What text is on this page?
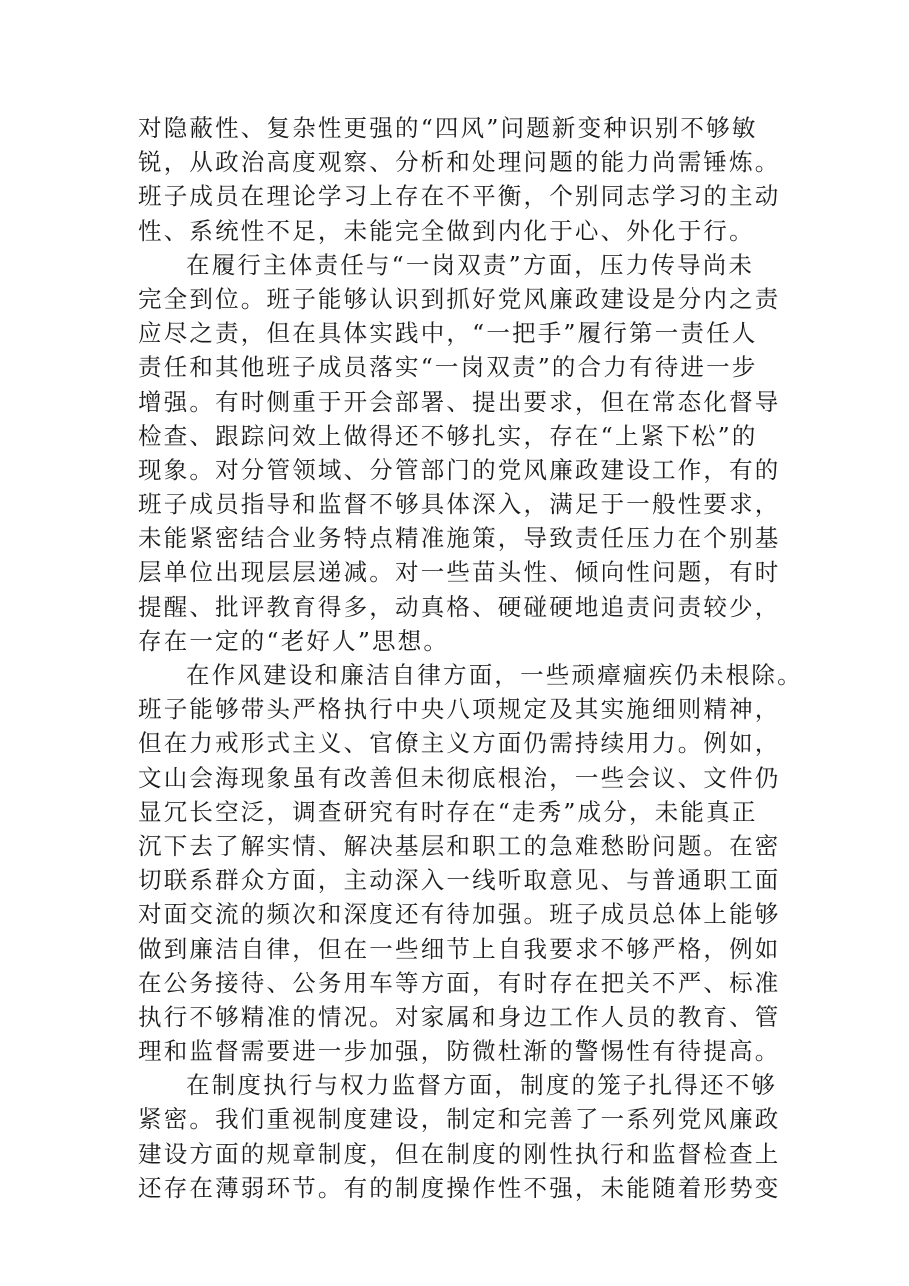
对隐蔽性、复杂性更强的“四风”问题新变种识别不够敏
锐，从政治高度观察、分析和处理问题的能力尚需锤炼。
班子成员在理论学习上存在不平衡，个别同志学习的主动
性、系统性不足，未能完全做到内化于心、外化于行。
在履行主体责任与“一岗双责”方面，压力传导尚未
完全到位。班子能够认识到抓好党风廉政建设是分内之责
应尽之责，但在具体实践中，“一把手”履行第一责任人
责任和其他班子成员落实“一岗双责”的合力有待进一步
增强。有时侧重于开会部署、提出要求，但在常态化督导
检查、跟踪问效上做得还不够扎实，存在“上紧下松”的
现象。对分管领域、分管部门的党风廉政建设工作，有的
班子成员指导和监督不够具体深入，满足于一般性要求，
未能紧密结合业务特点精准施策，导致责任压力在个别基
层单位出现层层递减。对一些苗头性、倾向性问题，有时
提醒、批评教育得多，动真格、硬碰硬地追责问责较少，
存在一定的“老好人”思想。
在作风建设和廉洁自律方面，一些顽瘴痼疾仍未根除。
班子能够带头严格执行中央八项规定及其实施细则精神，
但在力戒形式主义、官僚主义方面仍需持续用力。例如，
文山会海现象虽有改善但未彻底根治，一些会议、文件仍
显冗长空泛，调查研究有时存在“走秀”成分，未能真正
沉下去了解实情、解决基层和职工的急难愁盼问题。在密
切联系群众方面，主动深入一线听取意见、与普通职工面
对面交流的频次和深度还有待加强。班子成员总体上能够
做到廉洁自律，但在一些细节上自我要求不够严格，例如
在公务接待、公务用车等方面，有时存在把关不严、标准
执行不够精准的情况。对家属和身边工作人员的教育、管
理和监督需要进一步加强，防微杜渐的警惕性有待提高。
在制度执行与权力监督方面，制度的笼子扎得还不够
紧密。我们重视制度建设，制定和完善了一系列党风廉政
建设方面的规章制度，但在制度的刚性执行和监督检查上
还存在薄弱环节。有的制度操作性不强，未能随着形势变
